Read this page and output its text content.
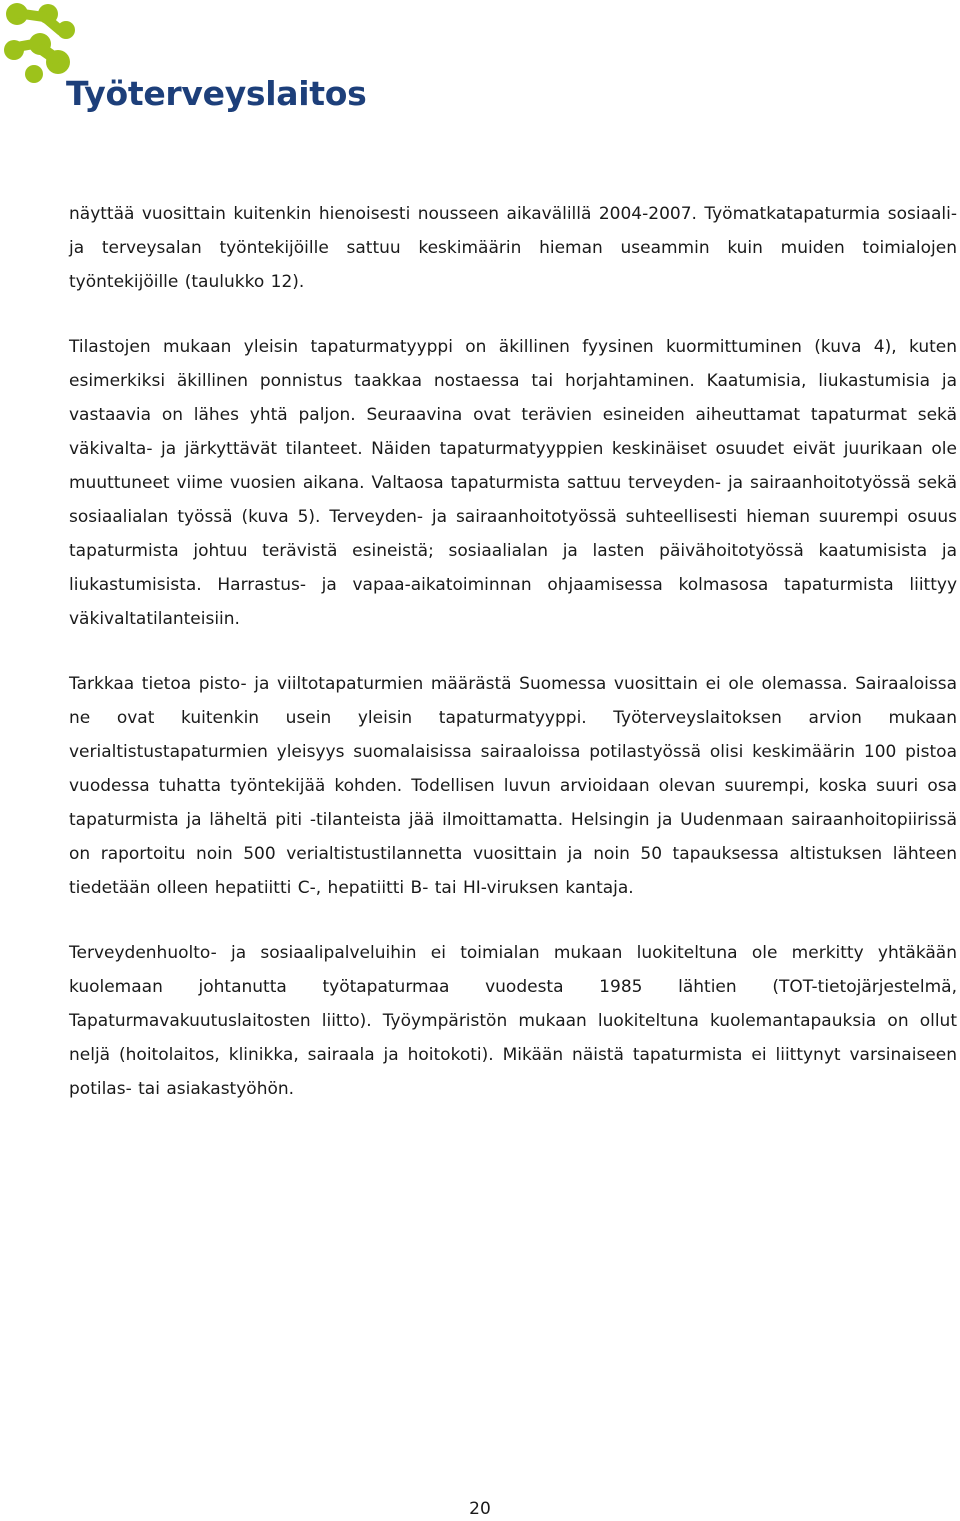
Työterveyslaitos

näyttää vuosittain kuitenkin hienoisesti nousseen aikavälillä 2004-2007. Työmatkatapaturmia sosiaali- ja terveysalan työntekijöille sattuu keskimäärin hieman useammin kuin muiden toimialojen työntekijöille (taulukko 12).

Tilastojen mukaan yleisin tapaturmatyyppi on äkillinen fyysinen kuormittuminen (kuva 4), kuten esimerkiksi äkillinen ponnistus taakkaa nostaessa tai horjahtaminen. Kaatumisia, liukastumisia ja vastaavia on lähes yhtä paljon. Seuraavina ovat terävien esineiden aiheuttamat tapaturmat sekä väkivalta- ja järkyttävät tilanteet. Näiden tapaturmatyyppien keskinäiset osuudet eivät juurikaan ole muuttuneet viime vuosien aikana. Valtaosa tapaturmista sattuu terveyden- ja sairaanhoitotyössä sekä sosiaalialan työssä (kuva 5). Terveyden- ja sairaanhoitotyössä suhteellisesti hieman suurempi osuus tapaturmista johtuu terävistä esineistä; sosiaalialan ja lasten päivähoitotyössä kaatumisista ja liukastumisista. Harrastus- ja vapaa-aikatoiminnan ohjaamisessa kolmasosa tapaturmista liittyy väkivaltatilanteisiin.

Tarkkaa tietoa pisto- ja viiltotapaturmien määrästä Suomessa vuosittain ei ole olemassa. Sairaaloissa ne ovat kuitenkin usein yleisin tapaturmatyyppi. Työterveyslaitoksen arvion mukaan verialtistustapaturmien yleisyys suomalaisissa sairaaloissa potilastyössä olisi keskimäärin 100 pistoa vuodessa tuhatta työntekijää kohden. Todellisen luvun arvioidaan olevan suurempi, koska suuri osa tapaturmista ja läheltä piti -tilanteista jää ilmoittamatta. Helsingin ja Uudenmaan sairaanhoitopiirissä on raportoitu noin 500 verialtistustilannetta vuosittain ja noin 50 tapauksessa altistuksen lähteen tiedetään olleen hepatiitti C-, hepatiitti B- tai HI-viruksen kantaja.

Terveydenhuolto- ja sosiaalipalveluihin ei toimialan mukaan luokiteltuna ole merkitty yhtäkään kuolemaan johtanutta työtapaturmaa vuodesta 1985 lähtien (TOT-tietojärjestelmä, Tapaturmavakuutuslaitosten liitto). Työympäristön mukaan luokiteltuna kuolemantapauksia on ollut neljä (hoitolaitos, klinikka, sairaala ja hoitokoti). Mikään näistä tapaturmista ei liittynyt varsinaiseen potilas- tai asiakastyöhön.

20
